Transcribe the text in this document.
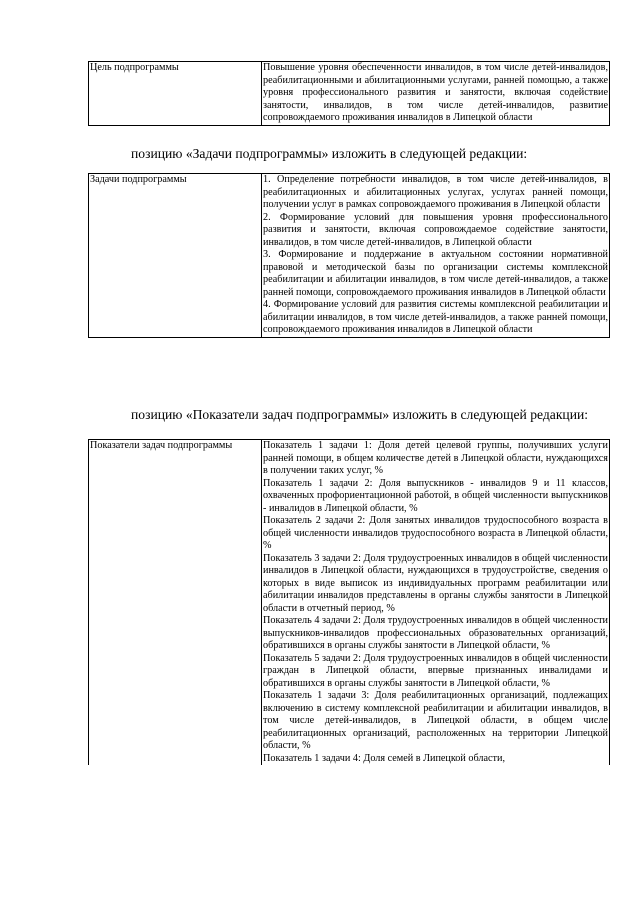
Цель подпрограммы	Повышение уровня обеспеченности инвалидов, в том числе детей-инвалидов, реабилитационными и абилитационными услугами, ранней помощью, а также уровня профессионального развития и занятости, включая содействие занятости, инвалидов, в том числе детей-инвалидов, развитие сопровождаемого проживания инвалидов в Липецкой области

позицию «Задачи подпрограммы» изложить в следующей редакции:
Задачи подпрограммы	1. Определение потребности инвалидов, в том числе детей-инвалидов, в реабилитационных и абилитационных услугах, услугах ранней помощи, получении услуг в рамках сопровождаемого проживания в Липецкой области

2. Формирование условий для повышения уровня профессионального развития и занятости, включая сопровождаемое содействие занятости, инвалидов, в том числе детей-инвалидов, в Липецкой области

3. Формирование и поддержание в актуальном состоянии нормативной правовой и методической базы по организации системы комплексной реабилитации и абилитации инвалидов, в том числе детей-инвалидов, а также ранней помощи, сопровождаемого проживания инвалидов в Липецкой области

4. Формирование условий для развития системы комплексной реабилитации и абилитации инвалидов, в том числе детей-инвалидов, а также ранней помощи, сопровождаемого проживания инвалидов в Липецкой области

позицию «Показатели задач подпрограммы» изложить в следующей редакции:
Показатели задач подпрограммы	Показатель 1 задачи 1: Доля детей целевой группы, получивших услуги ранней помощи, в общем количестве детей в Липецкой области, нуждающихся в получении таких услуг, %

Показатель 1 задачи 2: Доля выпускников - инвалидов 9 и 11 классов, охваченных профориентационной работой, в общей численности выпускников - инвалидов в Липецкой области, %

Показатель 2 задачи 2: Доля занятых инвалидов трудоспособного возраста в общей численности инвалидов трудоспособного возраста в Липецкой области, %

Показатель 3 задачи 2: Доля трудоустроенных инвалидов в общей численности инвалидов в Липецкой области, нуждающихся в трудоустройстве, сведения о которых в виде выписок из индивидуальных программ реабилитации или абилитации инвалидов представлены в органы службы занятости в Липецкой области в отчетный период, %

Показатель 4 задачи 2: Доля трудоустроенных инвалидов в общей численности выпускников-инвалидов профессиональных образовательных организаций, обратившихся в органы службы занятости в Липецкой области, %

Показатель 5 задачи 2: Доля трудоустроенных инвалидов в общей численности граждан в Липецкой области, впервые признанных инвалидами и обратившихся в органы службы занятости в Липецкой области, %

Показатель 1 задачи 3: Доля реабилитационных организаций, подлежащих включению в систему комплексной реабилитации и абилитации инвалидов, в том числе детей-инвалидов, в Липецкой области, в общем числе реабилитационных организаций, расположенных на территории Липецкой области, %

Показатель 1 задачи 4: Доля семей в Липецкой области,
